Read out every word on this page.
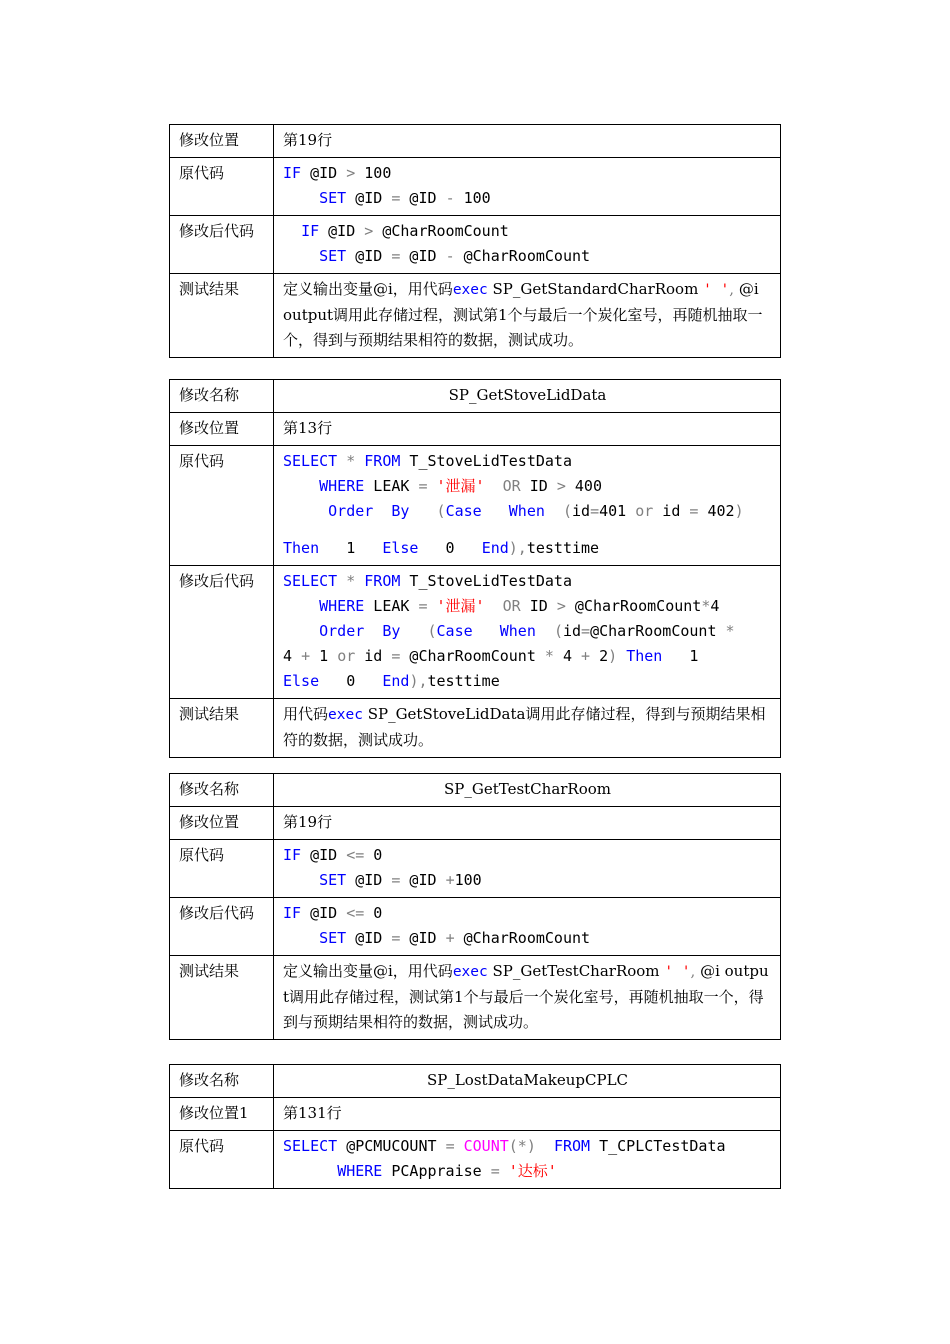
修改位置	第19行
原代码	IF @ID > 100
SET @ID = @ID - 100
修改后代码	IF @ID > @CharRoomCount
SET @ID = @ID - @CharRoomCount
测试结果	定义输出变量@i，用代码exec SP_GetStandardCharRoom ' ', @i output调用此存储过程，测试第1个与最后一个炭化室号，再随机抽取一个，得到与预期结果相符的数据，测试成功。
修改名称	SP_GetStoveLidData
修改位置	第13行
原代码	SELECT * FROM T_StoveLidTestData
WHERE LEAK = '泄漏' OR ID > 400
Order By (Case When (id=401 or id = 402)
Then   1   Else   0   End),testtime
修改后代码	SELECT * FROM T_StoveLidTestData
WHERE LEAK = '泄漏' OR ID > @CharRoomCount*4
Order By (Case When (id=@CharRoomCount *
4 + 1 or id = @CharRoomCount * 4 + 2) Then   1
Else   0   End),testtime
测试结果	用代码exec SP_GetStoveLidData调用此存储过程，得到与预期结果相符的数据，测试成功。
修改名称	SP_GetTestCharRoom
修改位置	第19行
原代码	IF @ID <= 0
SET @ID = @ID +100
修改后代码	IF @ID <= 0
SET @ID = @ID + @CharRoomCount
测试结果	定义输出变量@i，用代码exec SP_GetTestCharRoom ' ', @i output调用此存储过程，测试第1个与最后一个炭化室号，再随机抽取一个，得到与预期结果相符的数据，测试成功。
修改名称	SP_LostDataMakeupCPLC
修改位置1	第131行
原代码	SELECT @PCMUCOUNT = COUNT(*) FROM T_CPLCTestData
WHERE PCAppraise = '达标'
